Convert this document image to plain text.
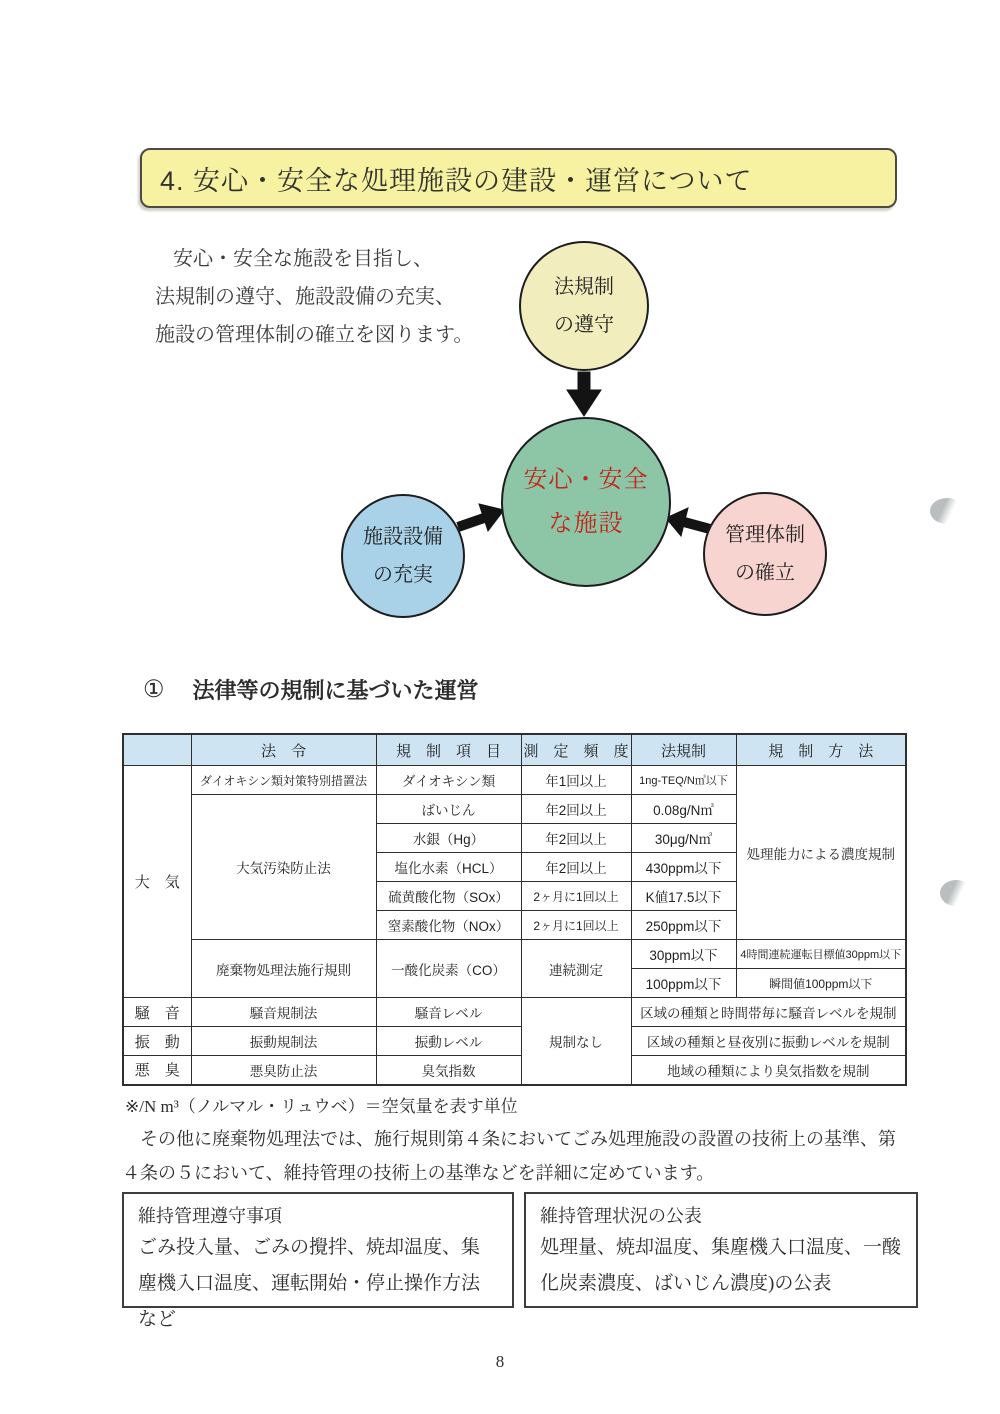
4. 安心・安全な処理施設の建設・運営について
安心・安全な施設を目指し、
法規制の遵守、施設設備の充実、
施設の管理体制の確立を図ります。
法規制
の遵守
安心・安全
な施設
施設設備
の充実
管理体制
の確立
① 法律等の規制に基づいた運営
	法　令	規　制　項　目	測　定　頻　度	法規制	規　制　方　法
大　気	ダイオキシン類対策特別措置法	ダイオキシン類	年1回以上	1ng-TEQ/N㎥以下	処理能力による濃度規制
	大気汚染防止法	ばいじん	年2回以上	0.08g/N㎥	
		水銀（Hg）	年2回以上	30μg/N㎥	
		塩化水素（HCL）	年2回以上	430ppm以下	
		硫黄酸化物（SOx）	2ヶ月に1回以上	K値17.5以下	
		窒素酸化物（NOx）	2ヶ月に1回以上	250ppm以下	
	廃棄物処理法施行規則	一酸化炭素（CO）	連続測定	30ppm以下	4時間連続運転目標値30ppm以下
				100ppm以下	瞬間値100ppm以下
騒　音	騒音規制法	騒音レベル	規制なし	区域の種類と時間帯毎に騒音レベルを規制	
振　動	振動規制法	振動レベル		区域の種類と昼夜別に振動レベルを規制	
悪　臭	悪臭防止法	臭気指数		地域の種類により臭気指数を規制	
※/N m³（ノルマル・リュウベ）＝空気量を表す単位
その他に廃棄物処理法では、施行規則第４条においてごみ処理施設の設置の技術上の基準、第４条の５において、維持管理の技術上の基準などを詳細に定めています。
維持管理遵守事項
ごみ投入量、ごみの攪拌、焼却温度、集塵機入口温度、運転開始・停止操作方法など
維持管理状況の公表
処理量、焼却温度、集塵機入口温度、一酸化炭素濃度、ばいじん濃度)の公表
8
